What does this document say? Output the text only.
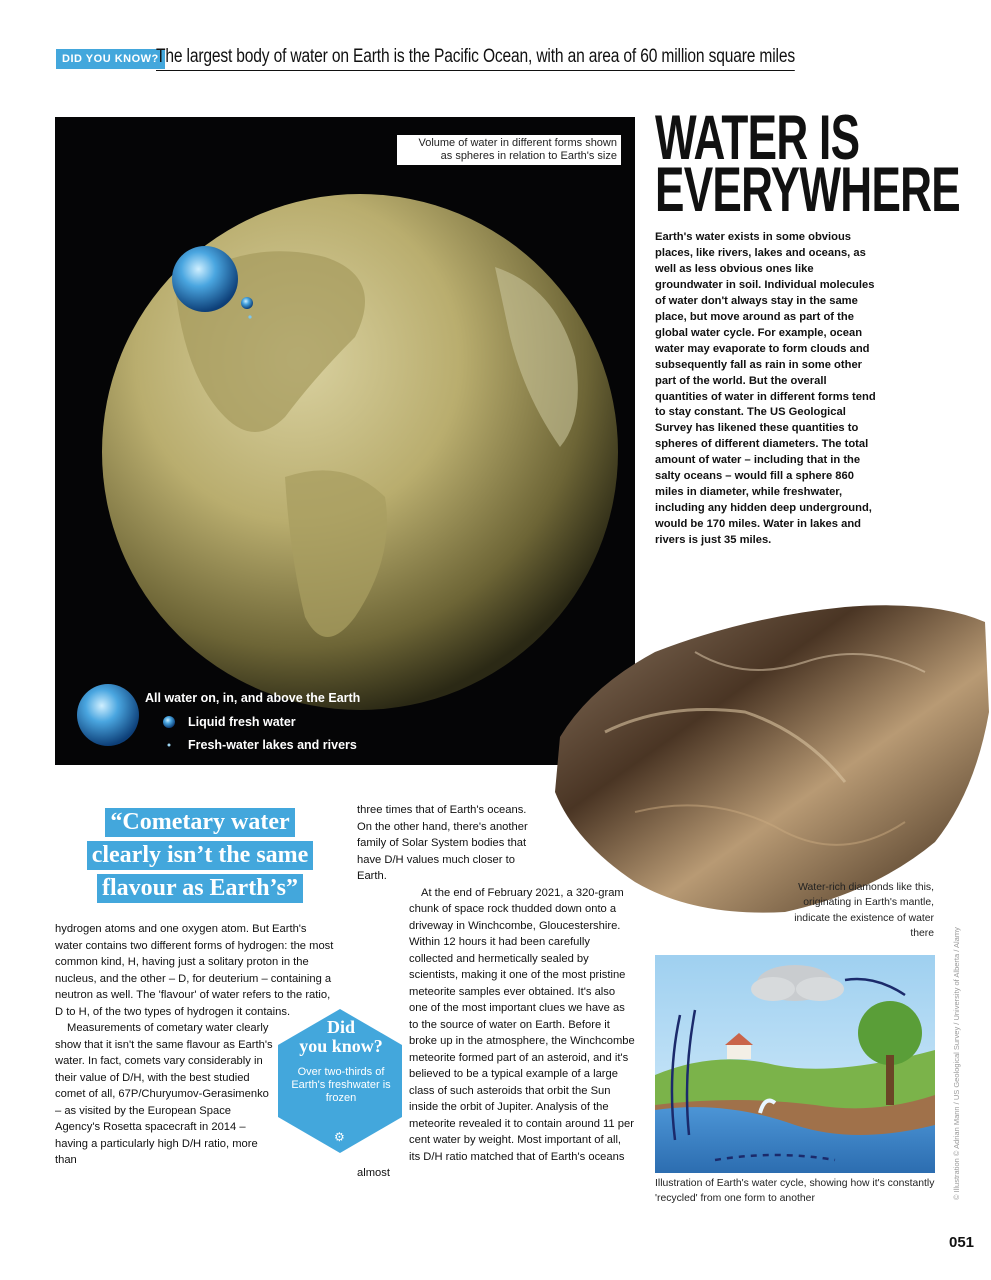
DID YOU KNOW?
The largest body of water on Earth is the Pacific Ocean, with an area of 60 million square miles
Volume of water in different forms shown
as spheres in relation to Earth's size
All water on, in, and above the Earth
Liquid fresh water
Fresh-water lakes and rivers
WATER IS
EVERYWHERE
Earth's water exists in some obvious places, like rivers, lakes and oceans, as well as less obvious ones like groundwater in soil. Individual molecules of water don't always stay in the same place, but move around as part of the global water cycle. For example, ocean water may evaporate to form clouds and subsequently fall as rain in some other part of the world. But the overall quantities of water in different forms tend to stay constant. The US Geological Survey has likened these quantities to spheres of different diameters. The total amount of water – including that in the salty oceans – would fill a sphere 860 miles in diameter, while freshwater, including any hidden deep underground, would be 170 miles. Water in lakes and rivers is just 35 miles.
Water-rich diamonds like this, originating in Earth's mantle, indicate the existence of water there
“Cometary water
clearly isn’t the same
flavour as Earth’s”

hydrogen atoms and one oxygen atom. But Earth's water contains two different forms of hydrogen: the most common kind, H, having just a solitary proton in the nucleus, and the other – D, for deuterium – containing a neutron as well. The 'flavour' of water refers to the ratio, D to H, of the two types of hydrogen it contains.

Measurements of cometary water clearly show that it isn't the same flavour as Earth's water. In fact, comets vary considerably in their value of D/H, with the best studied comet of all, 67P/Churyumov-Gerasimenko – as visited by the European Space Agency's Rosetta spacecraft in 2014 – having a particularly high D/H ratio, more than

three times that of Earth's oceans. On the other hand, there's another family of Solar System bodies that have D/H values much closer to Earth.

At the end of February 2021, a 320-gram chunk of space rock thudded down onto a driveway in Winchcombe, Gloucestershire. Within 12 hours it had been carefully collected and hermetically sealed by scientists, making it one of the most pristine meteorite samples ever obtained. It's also one of the most important clues we have as to the source of water on Earth. Before it broke up in the atmosphere, the Winchcombe meteorite formed part of an asteroid, and it's believed to be a typical example of a large class of such asteroids that orbit the Sun inside the orbit of Jupiter. Analysis of the meteorite revealed it to contain around 11 per cent water by weight. Most important of all, its D/H ratio matched that of Earth's oceans almost

Did
you know?
Over two-thirds of Earth's freshwater is frozen
⚙
Illustration of Earth's water cycle, showing how it's constantly 'recycled' from one form to another	© Illustration © Adrian Mann / US Geological Survey / University of Alberta / Alamy
051
